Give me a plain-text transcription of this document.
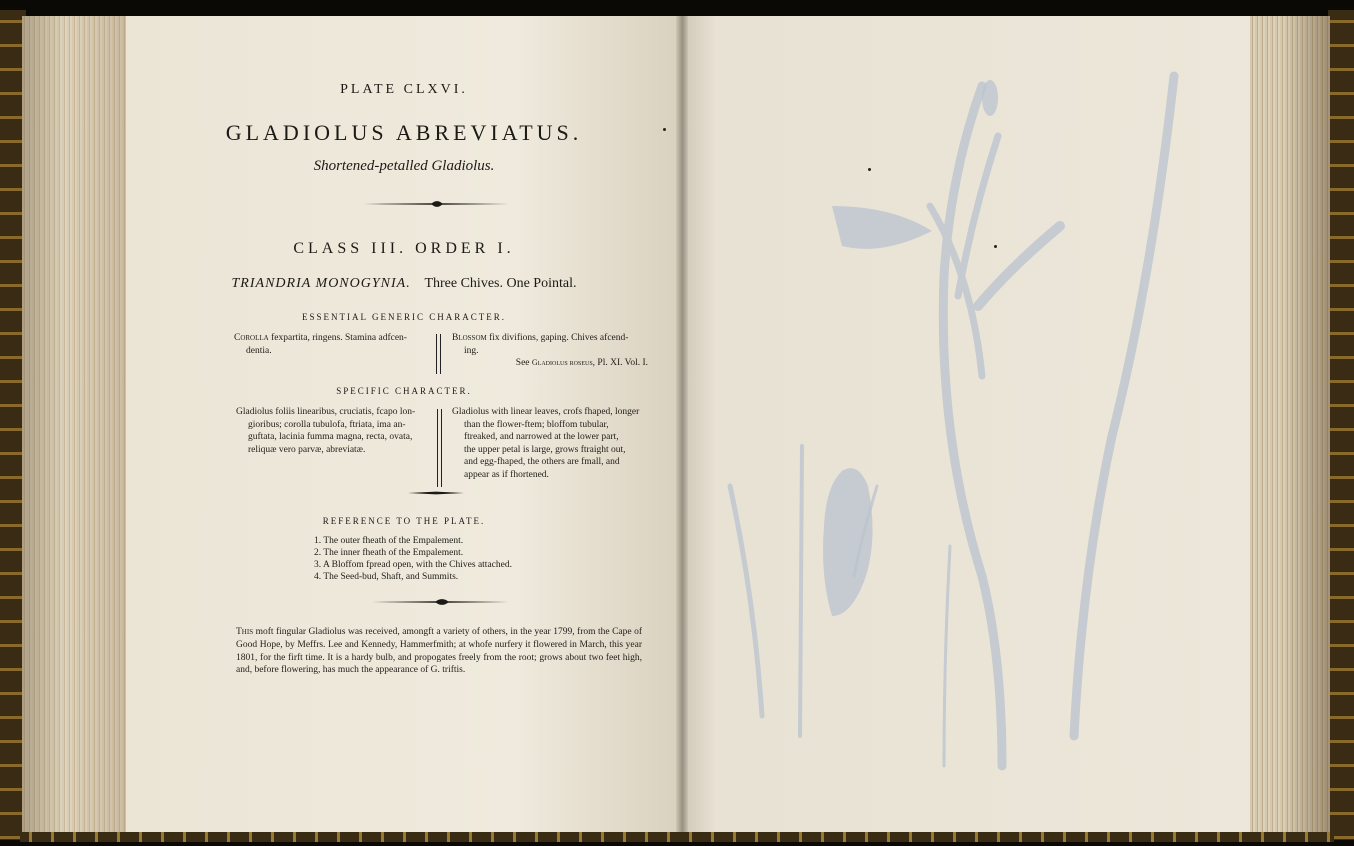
PLATE CLXVI.
GLADIOLUS ABREVIATUS.
Shortened-petalled Gladiolus.
CLASS III. ORDER I.
TRIANDRIA MONOGYNIA. Three Chives. One Pointal.
ESSENTIAL GENERIC CHARACTER.
Corolla fexpartita, ringens. Stamina adfcen-
dentia.
Blossom fix divifions, gaping. Chives afcend-
ing.
See Gladiolus roseus, Pl. XI. Vol. I.
SPECIFIC CHARACTER.
Gladiolus foliis linearibus, cruciatis, fcapo lon-
gioribus; corolla tubulofa, ftriata, ima an-
guftata, lacinia fumma magna, recta, ovata,
reliquæ vero parvæ, abreviatæ.
Gladiolus with linear leaves, crofs fhaped, longer
than the flower-ftem; bloffom tubular,
ftreaked, and narrowed at the lower part,
the upper petal is large, grows ftraight out,
and egg-fhaped, the others are fmall, and
appear as if fhortened.
REFERENCE TO THE PLATE.
1. The outer fheath of the Empalement.
2. The inner fheath of the Empalement.
3. A Bloffom fpread open, with the Chives attached.
4. The Seed-bud, Shaft, and Summits.
This moft fingular Gladiolus was received, amongft a variety of others, in the year 1799, from the Cape of Good Hope, by Meffrs. Lee and Kennedy, Hammerfmith; at whofe nurfery it flowered in March, this year 1801, for the firft time. It is a hardy bulb, and propogates freely from the root; grows about two feet high, and, before flowering, has much the appearance of G. triftis.
